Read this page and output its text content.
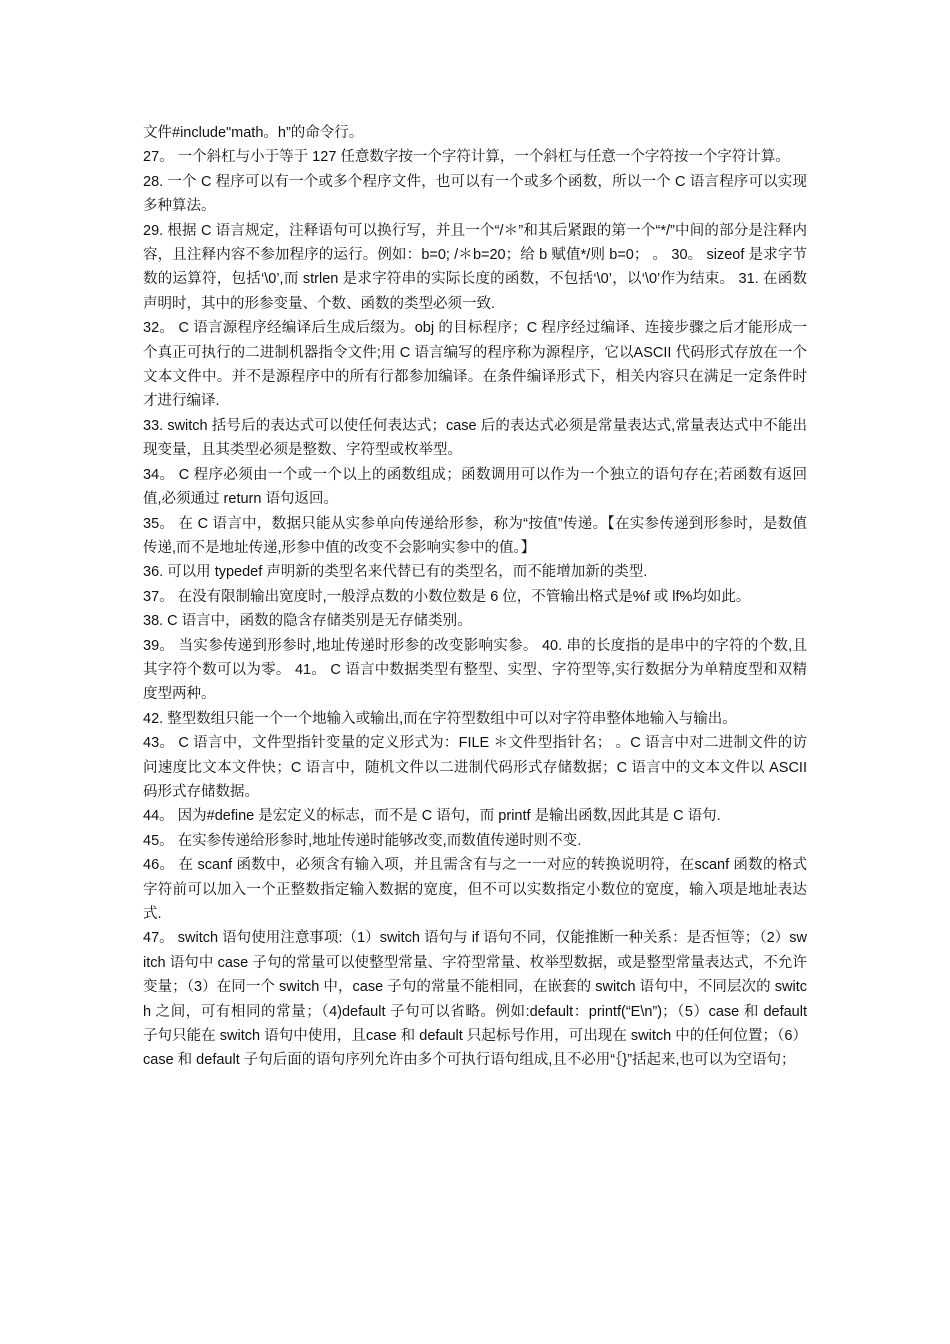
文件#include"math。h”的命令行。

27。 一个斜杠与小于等于 127 任意数字按一个字符计算，一个斜杠与任意一个字符按一个字符计算。

28. 一个 C 程序可以有一个或多个程序文件，也可以有一个或多个函数，所以一个 C 语言程序可以实现多种算法。

29. 根据 C 语言规定，注释语句可以换行写，并且一个“/＊”和其后紧跟的第一个“*/”中间的部分是注释内容，且注释内容不参加程序的运行。例如：b=0; /＊b=20；给 b 赋值*/则 b=0； 。 30。 sizeof 是求字节数的运算符，包括‘\0’,而 strlen 是求字符串的实际长度的函数，不包括‘\0’，以‘\0’作为结束。 31. 在函数声明时，其中的形参变量、个数、函数的类型必须一致.

32。 C 语言源程序经编译后生成后缀为。obj 的目标程序；C 程序经过编译、连接步骤之后才能形成一个真正可执行的二进制机器指令文件;用 C 语言编写的程序称为源程序，它以ASCII 代码形式存放在一个文本文件中。并不是源程序中的所有行都参加编译。在条件编译形式下，相关内容只在满足一定条件时才进行编译.

33. switch 括号后的表达式可以使任何表达式；case 后的表达式必须是常量表达式,常量表达式中不能出现变量，且其类型必须是整数、字符型或枚举型。

34。 C 程序必须由一个或一个以上的函数组成；函数调用可以作为一个独立的语句存在;若函数有返回值,必须通过 return 语句返回。

35。 在 C 语言中，数据只能从实参单向传递给形参，称为“按值”传递。【在实参传递到形参时，是数值传递,而不是地址传递,形参中值的改变不会影响实参中的值。】

36. 可以用 typedef 声明新的类型名来代替已有的类型名，而不能增加新的类型.

37。 在没有限制输出宽度时,一般浮点数的小数位数是 6 位，不管输出格式是%f 或 lf%均如此。

38. C 语言中，函数的隐含存储类别是无存储类别。

39。 当实参传递到形参时,地址传递时形参的改变影响实参。 40. 串的长度指的是串中的字符的个数,且其字符个数可以为零。 41。 C 语言中数据类型有整型、实型、字符型等,实行数据分为单精度型和双精度型两种。

42. 整型数组只能一个一个地输入或输出,而在字符型数组中可以对字符串整体地输入与输出。

43。 C 语言中，文件型指针变量的定义形式为：FILE ＊文件型指针名； 。C 语言中对二进制文件的访问速度比文本文件快；C 语言中，随机文件以二进制代码形式存储数据；C 语言中的文本文件以 ASCII 码形式存储数据。

44。 因为#define 是宏定义的标志，而不是 C 语句，而 printf 是输出函数,因此其是 C 语句.

45。 在实参传递给形参时,地址传递时能够改变,而数值传递时则不变.

46。 在 scanf 函数中，必须含有输入项，并且需含有与之一一对应的转换说明符，在scanf 函数的格式字符前可以加入一个正整数指定输入数据的宽度，但不可以实数指定小数位的宽度，输入项是地址表达式.

47。 switch 语句使用注意事项:（1）switch 语句与 if 语句不同，仅能推断一种关系：是否恒等；（2）switch 语句中 case 子句的常量可以使整型常量、字符型常量、枚举型数据，或是整型常量表达式，不允许变量；（3）在同一个 switch 中，case 子句的常量不能相同，在嵌套的 switch 语句中，不同层次的 switch 之间，可有相同的常量；（4)default 子句可以省略。例如:default：printf(“E\n”)；（5）case 和 default 子句只能在 switch 语句中使用，且case 和 default 只起标号作用，可出现在 switch 中的任何位置；（6）case 和 default 子句后面的语句序列允许由多个可执行语句组成,且不必用“｛}”括起来,也可以为空语句；
